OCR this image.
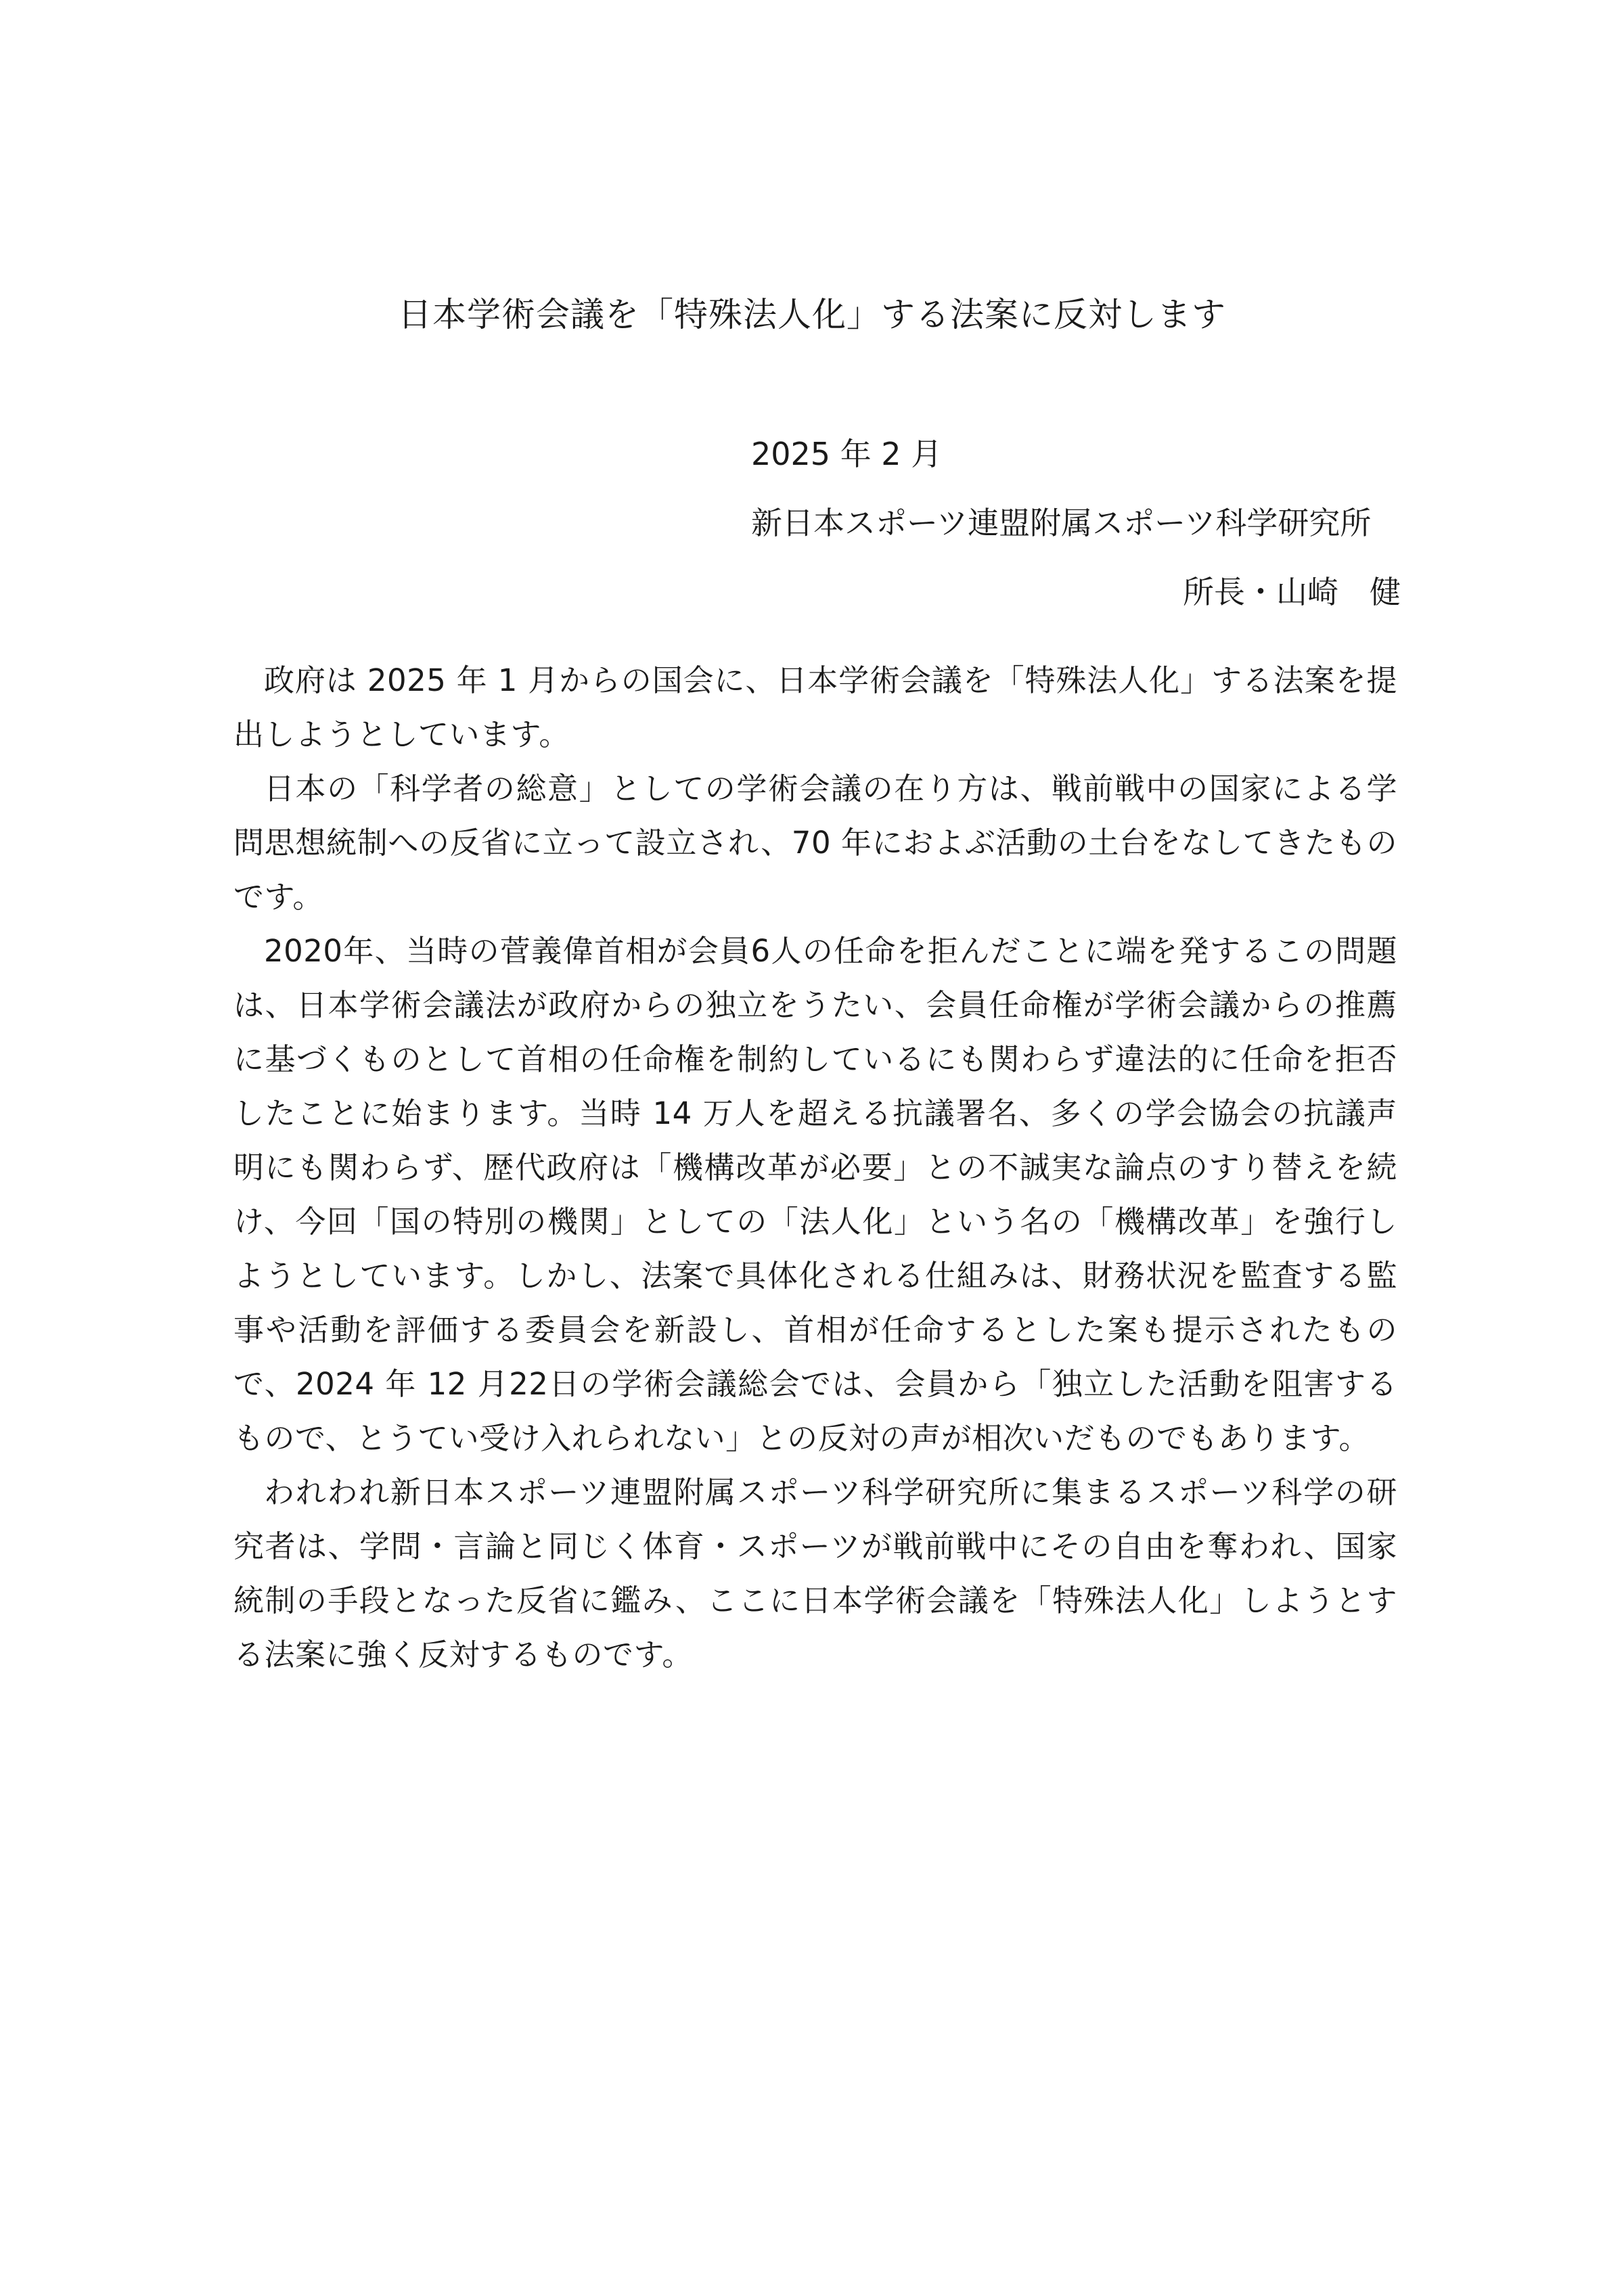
日本学術会議を「特殊法人化」する法案に反対します
2025 年 2 月
新日本スポーツ連盟附属スポーツ科学研究所
所長・山崎　健

政府は 2025 年 1 月からの国会に、日本学術会議を「特殊法人化」する法案を提出しようとしています。

日本の「科学者の総意」としての学術会議の在り方は、戦前戦中の国家による学問思想統制への反省に立って設立され、70 年におよぶ活動の土台をなしてきたものです。

2020年、当時の菅義偉首相が会員6人の任命を拒んだことに端を発するこの問題は、日本学術会議法が政府からの独立をうたい、会員任命権が学術会議からの推薦に基づくものとして首相の任命権を制約しているにも関わらず違法的に任命を拒否したことに始まります。当時 14 万人を超える抗議署名、多くの学会協会の抗議声明にも関わらず、歴代政府は「機構改革が必要」との不誠実な論点のすり替えを続け、今回「国の特別の機関」としての「法人化」という名の「機構改革」を強行しようとしています。しかし、法案で具体化される仕組みは、財務状況を監査する監事や活動を評価する委員会を新設し、首相が任命するとした案も提示されたもので、2024 年 12 月22日の学術会議総会では、会員から「独立した活動を阻害するもので、とうてい受け入れられない」との反対の声が相次いだものでもあります。

われわれ新日本スポーツ連盟附属スポーツ科学研究所に集まるスポーツ科学の研究者は、学問・言論と同じく体育・スポーツが戦前戦中にその自由を奪われ、国家統制の手段となった反省に鑑み、ここに日本学術会議を「特殊法人化」しようとする法案に強く反対するものです。
